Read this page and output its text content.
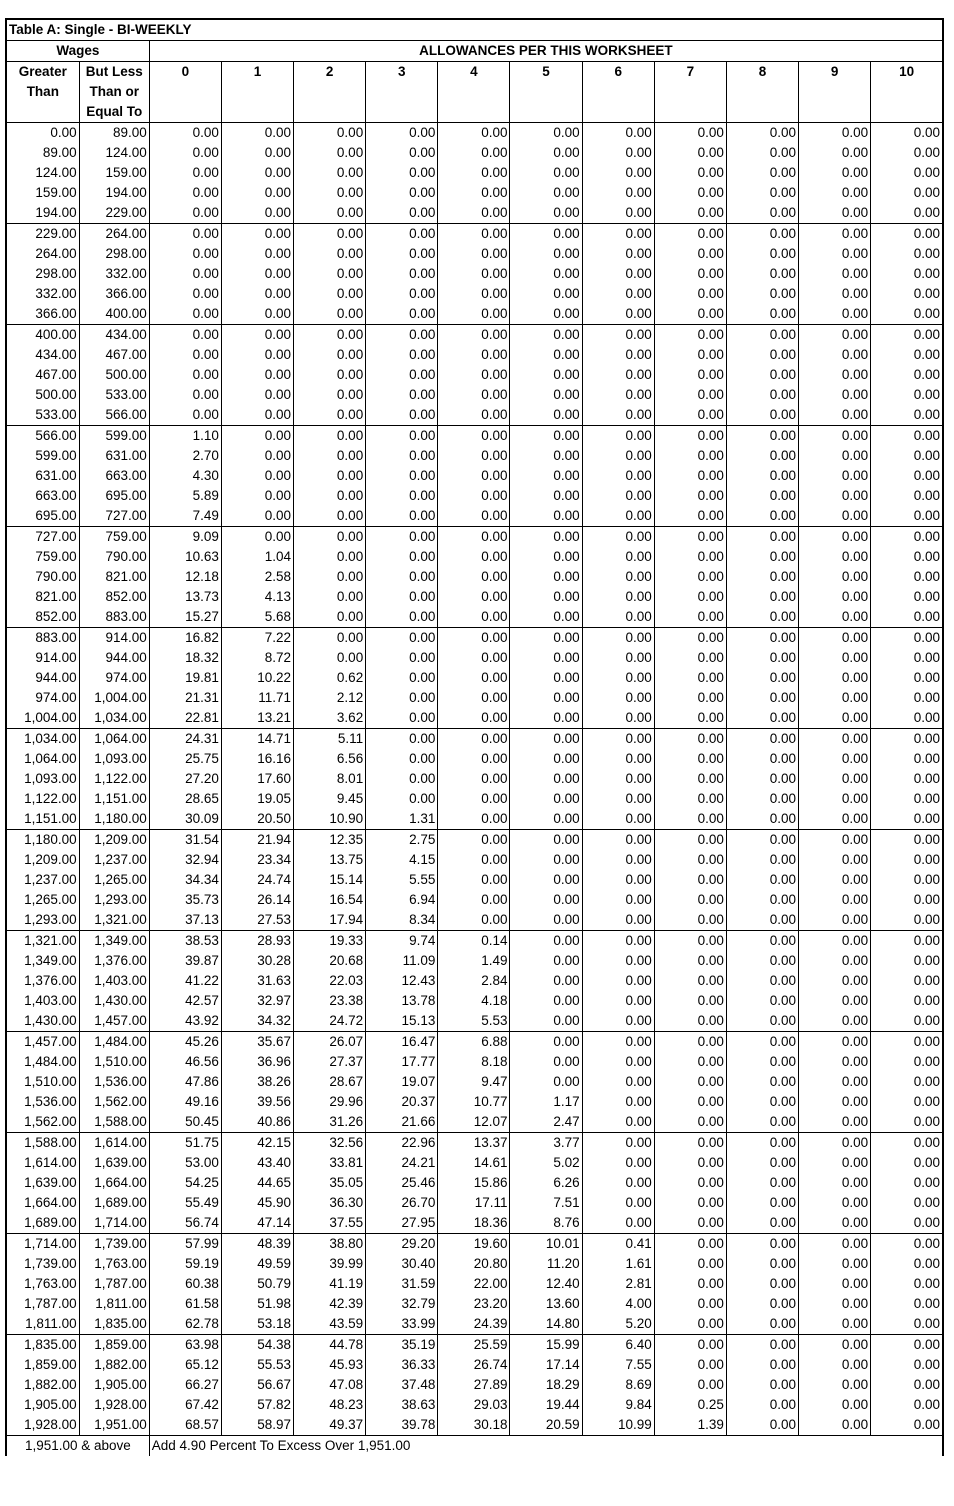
Table A: Single - BI-WEEKLY												
Wages		ALLOWANCES PER THIS WORKSHEET										
Greater	But Less	0	1	2	3	4	5	6	7	8	9	10
Than	Than or											
	Equal To											
0.00	89.00	0.00	0.00	0.00	0.00	0.00	0.00	0.00	0.00	0.00	0.00	0.00
89.00	124.00	0.00	0.00	0.00	0.00	0.00	0.00	0.00	0.00	0.00	0.00	0.00
124.00	159.00	0.00	0.00	0.00	0.00	0.00	0.00	0.00	0.00	0.00	0.00	0.00
159.00	194.00	0.00	0.00	0.00	0.00	0.00	0.00	0.00	0.00	0.00	0.00	0.00
194.00	229.00	0.00	0.00	0.00	0.00	0.00	0.00	0.00	0.00	0.00	0.00	0.00
229.00	264.00	0.00	0.00	0.00	0.00	0.00	0.00	0.00	0.00	0.00	0.00	0.00
264.00	298.00	0.00	0.00	0.00	0.00	0.00	0.00	0.00	0.00	0.00	0.00	0.00
298.00	332.00	0.00	0.00	0.00	0.00	0.00	0.00	0.00	0.00	0.00	0.00	0.00
332.00	366.00	0.00	0.00	0.00	0.00	0.00	0.00	0.00	0.00	0.00	0.00	0.00
366.00	400.00	0.00	0.00	0.00	0.00	0.00	0.00	0.00	0.00	0.00	0.00	0.00
400.00	434.00	0.00	0.00	0.00	0.00	0.00	0.00	0.00	0.00	0.00	0.00	0.00
434.00	467.00	0.00	0.00	0.00	0.00	0.00	0.00	0.00	0.00	0.00	0.00	0.00
467.00	500.00	0.00	0.00	0.00	0.00	0.00	0.00	0.00	0.00	0.00	0.00	0.00
500.00	533.00	0.00	0.00	0.00	0.00	0.00	0.00	0.00	0.00	0.00	0.00	0.00
533.00	566.00	0.00	0.00	0.00	0.00	0.00	0.00	0.00	0.00	0.00	0.00	0.00
566.00	599.00	1.10	0.00	0.00	0.00	0.00	0.00	0.00	0.00	0.00	0.00	0.00
599.00	631.00	2.70	0.00	0.00	0.00	0.00	0.00	0.00	0.00	0.00	0.00	0.00
631.00	663.00	4.30	0.00	0.00	0.00	0.00	0.00	0.00	0.00	0.00	0.00	0.00
663.00	695.00	5.89	0.00	0.00	0.00	0.00	0.00	0.00	0.00	0.00	0.00	0.00
695.00	727.00	7.49	0.00	0.00	0.00	0.00	0.00	0.00	0.00	0.00	0.00	0.00
727.00	759.00	9.09	0.00	0.00	0.00	0.00	0.00	0.00	0.00	0.00	0.00	0.00
759.00	790.00	10.63	1.04	0.00	0.00	0.00	0.00	0.00	0.00	0.00	0.00	0.00
790.00	821.00	12.18	2.58	0.00	0.00	0.00	0.00	0.00	0.00	0.00	0.00	0.00
821.00	852.00	13.73	4.13	0.00	0.00	0.00	0.00	0.00	0.00	0.00	0.00	0.00
852.00	883.00	15.27	5.68	0.00	0.00	0.00	0.00	0.00	0.00	0.00	0.00	0.00
883.00	914.00	16.82	7.22	0.00	0.00	0.00	0.00	0.00	0.00	0.00	0.00	0.00
914.00	944.00	18.32	8.72	0.00	0.00	0.00	0.00	0.00	0.00	0.00	0.00	0.00
944.00	974.00	19.81	10.22	0.62	0.00	0.00	0.00	0.00	0.00	0.00	0.00	0.00
974.00	1,004.00	21.31	11.71	2.12	0.00	0.00	0.00	0.00	0.00	0.00	0.00	0.00
1,004.00	1,034.00	22.81	13.21	3.62	0.00	0.00	0.00	0.00	0.00	0.00	0.00	0.00
1,034.00	1,064.00	24.31	14.71	5.11	0.00	0.00	0.00	0.00	0.00	0.00	0.00	0.00
1,064.00	1,093.00	25.75	16.16	6.56	0.00	0.00	0.00	0.00	0.00	0.00	0.00	0.00
1,093.00	1,122.00	27.20	17.60	8.01	0.00	0.00	0.00	0.00	0.00	0.00	0.00	0.00
1,122.00	1,151.00	28.65	19.05	9.45	0.00	0.00	0.00	0.00	0.00	0.00	0.00	0.00
1,151.00	1,180.00	30.09	20.50	10.90	1.31	0.00	0.00	0.00	0.00	0.00	0.00	0.00
1,180.00	1,209.00	31.54	21.94	12.35	2.75	0.00	0.00	0.00	0.00	0.00	0.00	0.00
1,209.00	1,237.00	32.94	23.34	13.75	4.15	0.00	0.00	0.00	0.00	0.00	0.00	0.00
1,237.00	1,265.00	34.34	24.74	15.14	5.55	0.00	0.00	0.00	0.00	0.00	0.00	0.00
1,265.00	1,293.00	35.73	26.14	16.54	6.94	0.00	0.00	0.00	0.00	0.00	0.00	0.00
1,293.00	1,321.00	37.13	27.53	17.94	8.34	0.00	0.00	0.00	0.00	0.00	0.00	0.00
1,321.00	1,349.00	38.53	28.93	19.33	9.74	0.14	0.00	0.00	0.00	0.00	0.00	0.00
1,349.00	1,376.00	39.87	30.28	20.68	11.09	1.49	0.00	0.00	0.00	0.00	0.00	0.00
1,376.00	1,403.00	41.22	31.63	22.03	12.43	2.84	0.00	0.00	0.00	0.00	0.00	0.00
1,403.00	1,430.00	42.57	32.97	23.38	13.78	4.18	0.00	0.00	0.00	0.00	0.00	0.00
1,430.00	1,457.00	43.92	34.32	24.72	15.13	5.53	0.00	0.00	0.00	0.00	0.00	0.00
1,457.00	1,484.00	45.26	35.67	26.07	16.47	6.88	0.00	0.00	0.00	0.00	0.00	0.00
1,484.00	1,510.00	46.56	36.96	27.37	17.77	8.18	0.00	0.00	0.00	0.00	0.00	0.00
1,510.00	1,536.00	47.86	38.26	28.67	19.07	9.47	0.00	0.00	0.00	0.00	0.00	0.00
1,536.00	1,562.00	49.16	39.56	29.96	20.37	10.77	1.17	0.00	0.00	0.00	0.00	0.00
1,562.00	1,588.00	50.45	40.86	31.26	21.66	12.07	2.47	0.00	0.00	0.00	0.00	0.00
1,588.00	1,614.00	51.75	42.15	32.56	22.96	13.37	3.77	0.00	0.00	0.00	0.00	0.00
1,614.00	1,639.00	53.00	43.40	33.81	24.21	14.61	5.02	0.00	0.00	0.00	0.00	0.00
1,639.00	1,664.00	54.25	44.65	35.05	25.46	15.86	6.26	0.00	0.00	0.00	0.00	0.00
1,664.00	1,689.00	55.49	45.90	36.30	26.70	17.11	7.51	0.00	0.00	0.00	0.00	0.00
1,689.00	1,714.00	56.74	47.14	37.55	27.95	18.36	8.76	0.00	0.00	0.00	0.00	0.00
1,714.00	1,739.00	57.99	48.39	38.80	29.20	19.60	10.01	0.41	0.00	0.00	0.00	0.00
1,739.00	1,763.00	59.19	49.59	39.99	30.40	20.80	11.20	1.61	0.00	0.00	0.00	0.00
1,763.00	1,787.00	60.38	50.79	41.19	31.59	22.00	12.40	2.81	0.00	0.00	0.00	0.00
1,787.00	1,811.00	61.58	51.98	42.39	32.79	23.20	13.60	4.00	0.00	0.00	0.00	0.00
1,811.00	1,835.00	62.78	53.18	43.59	33.99	24.39	14.80	5.20	0.00	0.00	0.00	0.00
1,835.00	1,859.00	63.98	54.38	44.78	35.19	25.59	15.99	6.40	0.00	0.00	0.00	0.00
1,859.00	1,882.00	65.12	55.53	45.93	36.33	26.74	17.14	7.55	0.00	0.00	0.00	0.00
1,882.00	1,905.00	66.27	56.67	47.08	37.48	27.89	18.29	8.69	0.00	0.00	0.00	0.00
1,905.00	1,928.00	67.42	57.82	48.23	38.63	29.03	19.44	9.84	0.25	0.00	0.00	0.00
1,928.00	1,951.00	68.57	58.97	49.37	39.78	30.18	20.59	10.99	1.39	0.00	0.00	0.00
1,951.00 & above		Add 4.90 Percent To Excess Over 1,951.00										
